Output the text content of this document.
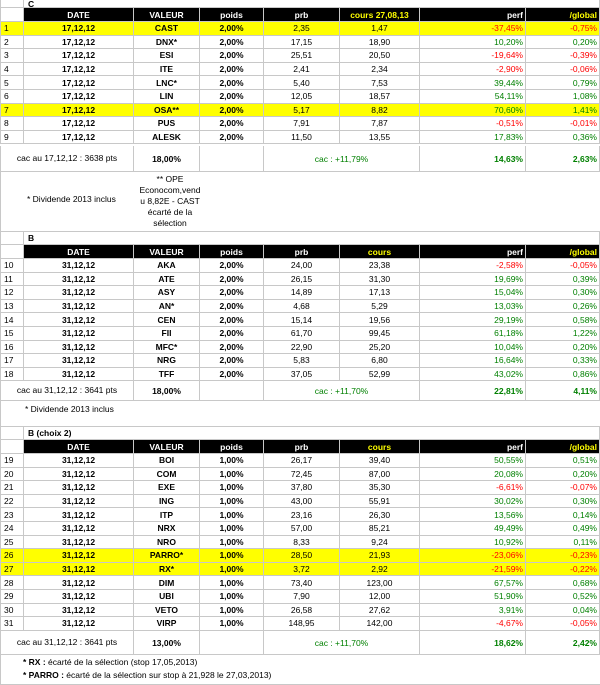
C
DATE	VALEUR	poids	prb	cours 27,08,13	perf	/global
1	17,12,12	CAST	2,00%	2,35	1,47	-37,45%	-0,75%
2	17,12,12	DNX*	2,00%	17,15	18,90	10,20%	0,20%
3	17,12,12	ESI	2,00%	25,51	20,50	-19,64%	-0,39%
4	17,12,12	ITE	2,00%	2,41	2,34	-2,90%	-0,06%
5	17,12,12	LNC*	2,00%	5,40	7,53	39,44%	0,79%
6	17,12,12	LIN	2,00%	12,05	18,57	54,11%	1,08%
7	17,12,12	OSA**	2,00%	5,17	8,82	70,60%	1,41%
8	17,12,12	PUS	2,00%	7,91	7,87	-0,51%	-0,01%
9	17,12,12	ALESK	2,00%	11,50	13,55	17,83%	0,36%
cac au 17,12,12 : 3638 pts	18,00%	cac : +11,79%	14,63%	2,63%
* Dividende 2013 inclus
** OPE Econocom,vend u 8,82E - CAST écarté de la sélection
B
DATE	VALEUR	poids	prb	cours	perf	/global
10	31,12,12	AKA	2,00%	24,00	23,38	-2,58%	-0,05%
11	31,12,12	ATE	2,00%	26,15	31,30	19,69%	0,39%
12	31,12,12	ASY	2,00%	14,89	17,13	15,04%	0,30%
13	31,12,12	AN*	2,00%	4,68	5,29	13,03%	0,26%
14	31,12,12	CEN	2,00%	15,14	19,56	29,19%	0,58%
15	31,12,12	FII	2,00%	61,70	99,45	61,18%	1,22%
16	31,12,12	MFC*	2,00%	22,90	25,20	10,04%	0,20%
17	31,12,12	NRG	2,00%	5,83	6,80	16,64%	0,33%
18	31,12,12	TFF	2,00%	37,05	52,99	43,02%	0,86%
cac au 31,12,12 : 3641 pts	18,00%	cac : +11,70%	22,81%	4,11%
* Dividende 2013 inclus
B (choix 2)
DATE	VALEUR	poids	prb	cours	perf	/global
19	31,12,12	BOI	1,00%	26,17	39,40	50,55%	0,51%
20	31,12,12	COM	1,00%	72,45	87,00	20,08%	0,20%
21	31,12,12	EXE	1,00%	37,80	35,30	-6,61%	-0,07%
22	31,12,12	ING	1,00%	43,00	55,91	30,02%	0,30%
23	31,12,12	ITP	1,00%	23,16	26,30	13,56%	0,14%
24	31,12,12	NRX	1,00%	57,00	85,21	49,49%	0,49%
25	31,12,12	NRO	1,00%	8,33	9,24	10,92%	0,11%
26	31,12,12	PARRO*	1,00%	28,50	21,93	-23,06%	-0,23%
27	31,12,12	RX*	1,00%	3,72	2,92	-21,59%	-0,22%
28	31,12,12	DIM	1,00%	73,40	123,00	67,57%	0,68%
29	31,12,12	UBI	1,00%	7,90	12,00	51,90%	0,52%
30	31,12,12	VETO	1,00%	26,58	27,62	3,91%	0,04%
31	31,12,12	VIRP	1,00%	148,95	142,00	-4,67%	-0,05%
cac au 31,12,12 : 3641 pts	13,00%	cac : +11,70%	18,62%	2,42%
* RX : écarté de la sélection (stop 17,05,2013)
* PARRO : écarté de la sélection sur stop à 21,928 le 27,03,2013)
